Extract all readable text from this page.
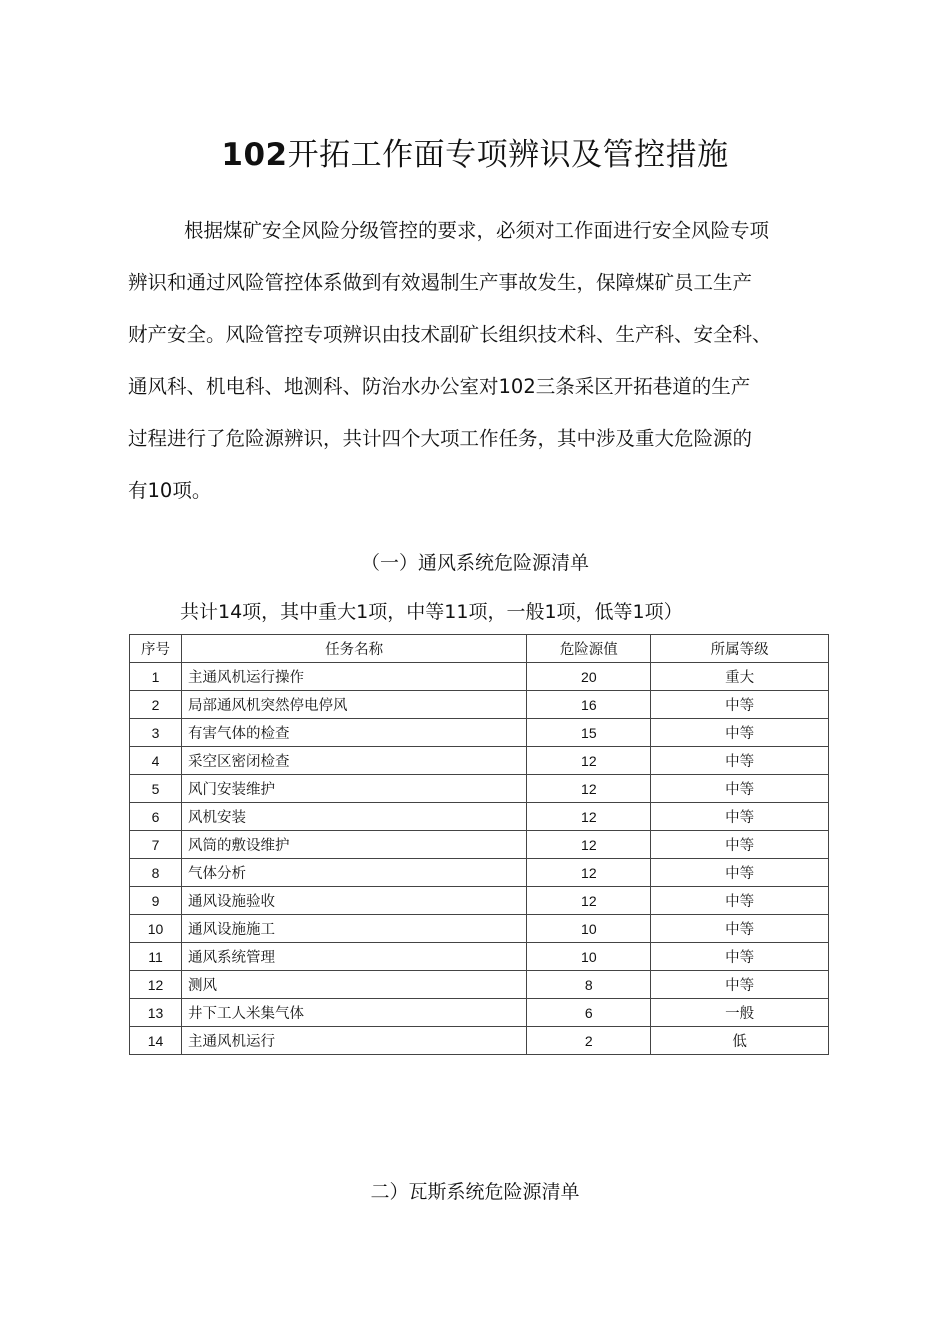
102开拓工作面专项辨识及管控措施

根据煤矿安全风险分级管控的要求，必须对工作面进行安全风险专项
辨识和通过风险管控体系做到有效遏制生产事故发生，保障煤矿员工生产
财产安全。风险管控专项辨识由技术副矿长组织技术科、生产科、安全科、
通风科、机电科、地测科、防治水办公室对102三条采区开拓巷道的生产
过程进行了危险源辨识，共计四个大项工作任务，其中涉及重大危险源的
有10项。

（一）通风系统危险源清单
共计14项，其中重大1项，中等11项，一般1项，低等1项）
序号	任务名称	危险源值	所属等级
1	主通风机运行操作	20	重大
2	局部通风机突然停电停风	16	中等
3	有害气体的检查	15	中等
4	采空区密闭检查	12	中等
5	风门安装维护	12	中等
6	风机安装	12	中等
7	风筒的敷设维护	12	中等
8	气体分析	12	中等
9	通风设施验收	12	中等
10	通风设施施工	10	中等
11	通风系统管理	10	中等
12	测风	8	中等
13	井下工人米集气体	6	一般
14	主通风机运行	2	低
二）瓦斯系统危险源清单
